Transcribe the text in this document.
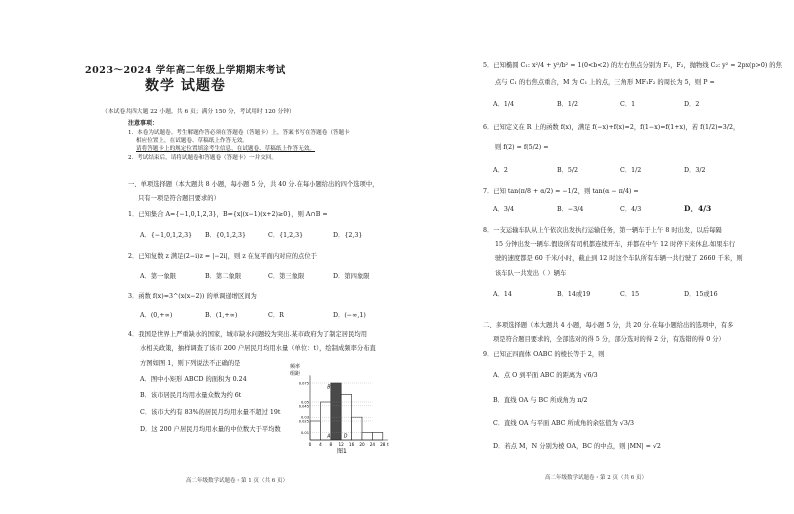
2023～2024 学年高二年级上学期期末考试
数学 试题卷
（本试卷共四大题 22 小题，共 6 页；满分 150 分，考试用时 120 分钟）
注意事项：
1．本卷为试题卷。考生解题作答必须在答题卷（答题卡）上，答案书写在答题卷（答题卡
相应位置上，在试题卷、草稿纸上作答无效。
请将答题卡上的规定位置填涂考生信息，在试题卷、草稿纸上作答无效。
2．考试结束后，请将试题卷和答题卷（答题卡）一并交回。
一、单项选择题（本大题共 8 小题，每小题 5 分，共 40 分.在每小题给出的四个选项中，
只有一项是符合题目要求的）
1．已知集合 A={−1,0,1,2,3}，B={x|(x−1)(x+2)≥0}，则 A∩B =
A．{−1,0,1,2,3} B．{0,1,2,3}	C．{1,2,3}	D．{2,3}
2．已知复数 z 满足(2−i)z = |−2i|，则 z 在复平面内对应的点位于
A．第一象限	B．第二象限	C．第三象限	D．第四象限
3．函数 f(x)=3^(x(x−2)) 的单调递增区间为
A．(0,+∞)	B．(1,+∞)	C．R	D．(−∞,1)
4．我国是世界上严重缺水的国家，城市缺水问题较为突出.某市政府为了制定居民均用
水相关政策，抽样调查了该市 200 户居民月均用水量（单位：t），绘制成频率分布直
方图如图 1，则下列说法不正确的是
A．图中小矩形 ABCD 的面积为 0.24
B．该市居民月均用水量众数为约 6t
C．该市大约有 83%的居民月均用水量不超过 19t
D．这 200 户居民月均用水量的中位数大于平均数
频率
组距
0.075
0.05
0.045
0.03
0.025
0.01
0 4 8 12 16 20 24 28 t
A
B	C
D
图1
高二年级数学试题卷・第 1 页（共 6 页）
5．已知椭圆 C₁: x²/4 + y²/b² = 1(0<b<2) 的左右焦点分别为 F₁，F₂，抛物线 C₂: y² = 2px(p>0) 的焦
点与 C₁ 的右焦点重合，M 为 C₁ 上的点，三角形 MF₁F₂ 的周长为 5，则 P =
A．1/4	B．1/2	C．1	D．2
6．已知定义在 R 上的函数 f(x)，满足 f(−x)+f(x)=2，f(1−x)=f(1+x)，若 f(1/2)=3/2，
则 f(2) = f(5/2) =
A．2	B．5/2	C．1/2	D．3/2
7．已知 tan(π/8 + α/2) = −1/2，则 tan(α − π/4) =
A．3/4	B．−3/4	C．4/3	D．4/3
8．一支运输车队从上午依次出发执行运输任务，第一辆车于上午 8 时出发，以后每隔
15 分钟出发一辆车.假设所有司机都连续开车，并都在中午 12 时停下来休息.如果车行
驶的速度都是 60 千米/小时，截止到 12 时这个车队所有车辆一共行驶了 2660 千米，则
该车队一共发出（ ）辆车
A．14	B．14或19	C．15	D．15或16
二、多项选择题（本大题共 4 小题，每小题 5 分，共 20 分.在每小题给出的选项中，有多
项是符合题目要求的，全部选对的得 5 分，部分选对的得 2 分，有选错的得 0 分）
9．已知正四面体 OABC 的棱长等于 2，则
A．点 O 到平面 ABC 的距离为 √6/3
B．直线 OA 与 BC 所成角为 π/2
C．直线 OA 与平面 ABC 所成角的余弦值为 √3/3
D．若点 M，N 分别为棱 OA，BC 的中点，则 |MN| = √2
高二年级数学试题卷・第 2 页（共 6 页）
